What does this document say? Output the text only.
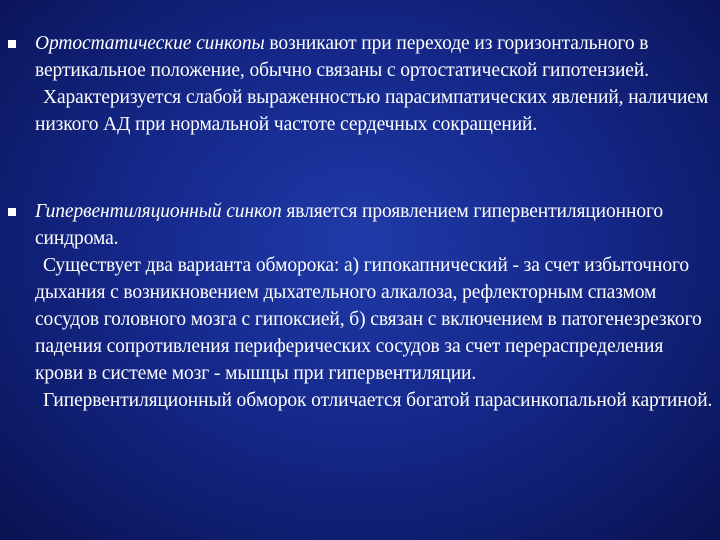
Ортостатические синкопы возникают при переходе из горизонтального в вертикальное положение, обычно связаны с ортостатической гипотензией.

Характеризуется слабой выраженностью парасимпатических явлений, наличием низкого АД при нормальной частоте сердечных сокращений.

Гипервентиляционный синкоп является проявлением гипервентиляционного синдрома.

Существует два варианта обморока: а) гипокапнический - за счет избыточного дыхания с возникновением дыхательного алкалоза, рефлекторным спазмом сосудов головного мозга с гипоксией, б) связан с включением в патогенезрезкого падения сопротивления периферических сосудов за счет перераспределения крови в системе мозг - мышцы при гипервентиляции.

Гипервентиляционный обморок отличается богатой парасинкопальной картиной.
